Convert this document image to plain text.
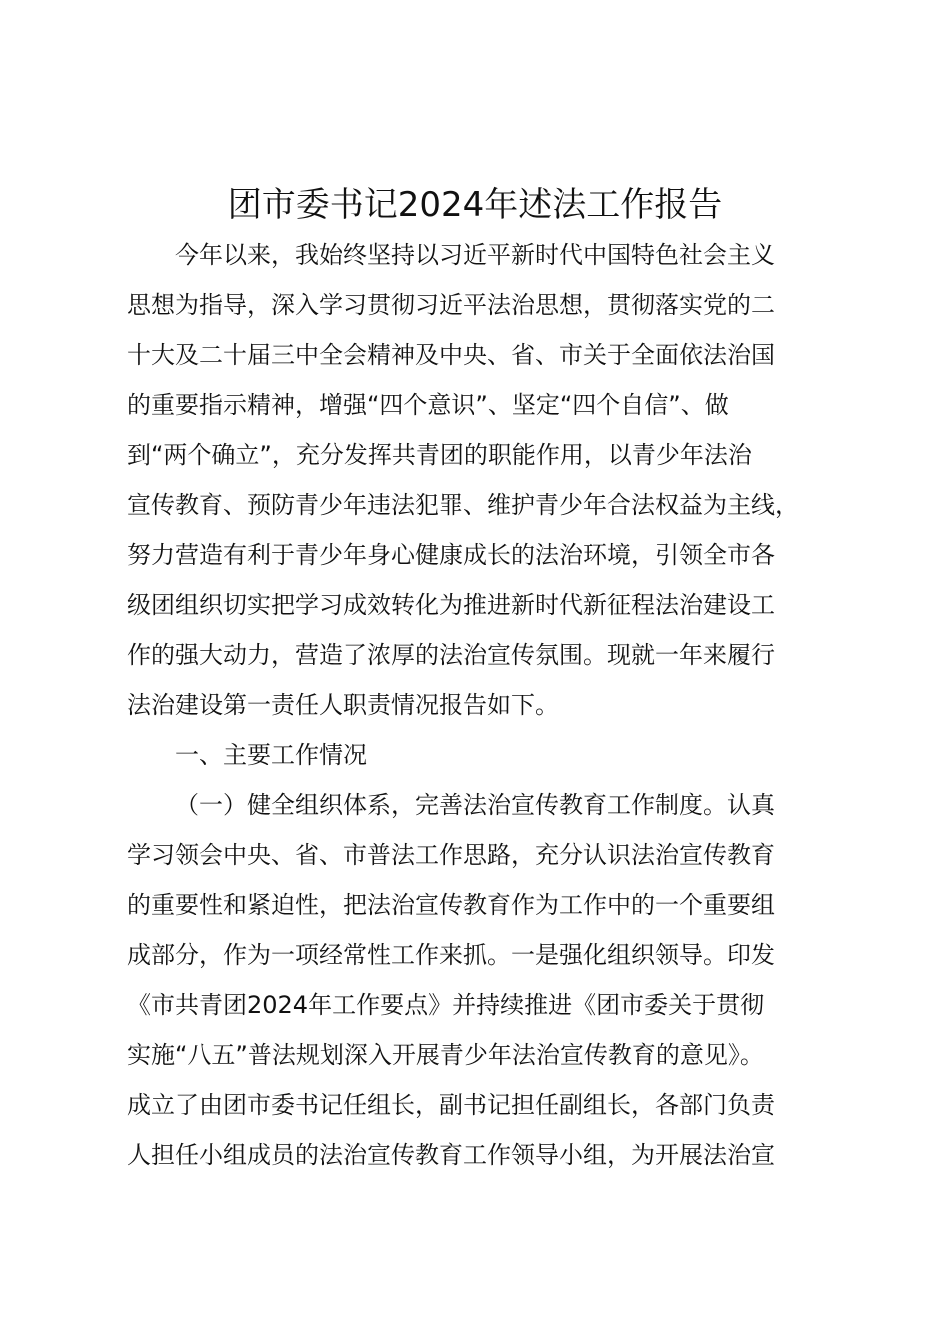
团市委书记2024年述法工作报告
今年以来，我始终坚持以习近平新时代中国特色社会主义
思想为指导，深入学习贯彻习近平法治思想，贯彻落实党的二
十大及二十届三中全会精神及中央、省、市关于全面依法治国
的重要指示精神，增强“四个意识”、坚定“四个自信”、做
到“两个确立”，充分发挥共青团的职能作用，以青少年法治
宣传教育、预防青少年违法犯罪、维护青少年合法权益为主线，
努力营造有利于青少年身心健康成长的法治环境，引领全市各
级团组织切实把学习成效转化为推进新时代新征程法治建设工
作的强大动力，营造了浓厚的法治宣传氛围。现就一年来履行
法治建设第一责任人职责情况报告如下。
一、主要工作情况
（一）健全组织体系，完善法治宣传教育工作制度。认真
学习领会中央、省、市普法工作思路，充分认识法治宣传教育
的重要性和紧迫性，把法治宣传教育作为工作中的一个重要组
成部分，作为一项经常性工作来抓。一是强化组织领导。印发
《市共青团2024年工作要点》并持续推进《团市委关于贯彻
实施“八五”普法规划深入开展青少年法治宣传教育的意见》。
成立了由团市委书记任组长，副书记担任副组长，各部门负责
人担任小组成员的法治宣传教育工作领导小组，为开展法治宣
